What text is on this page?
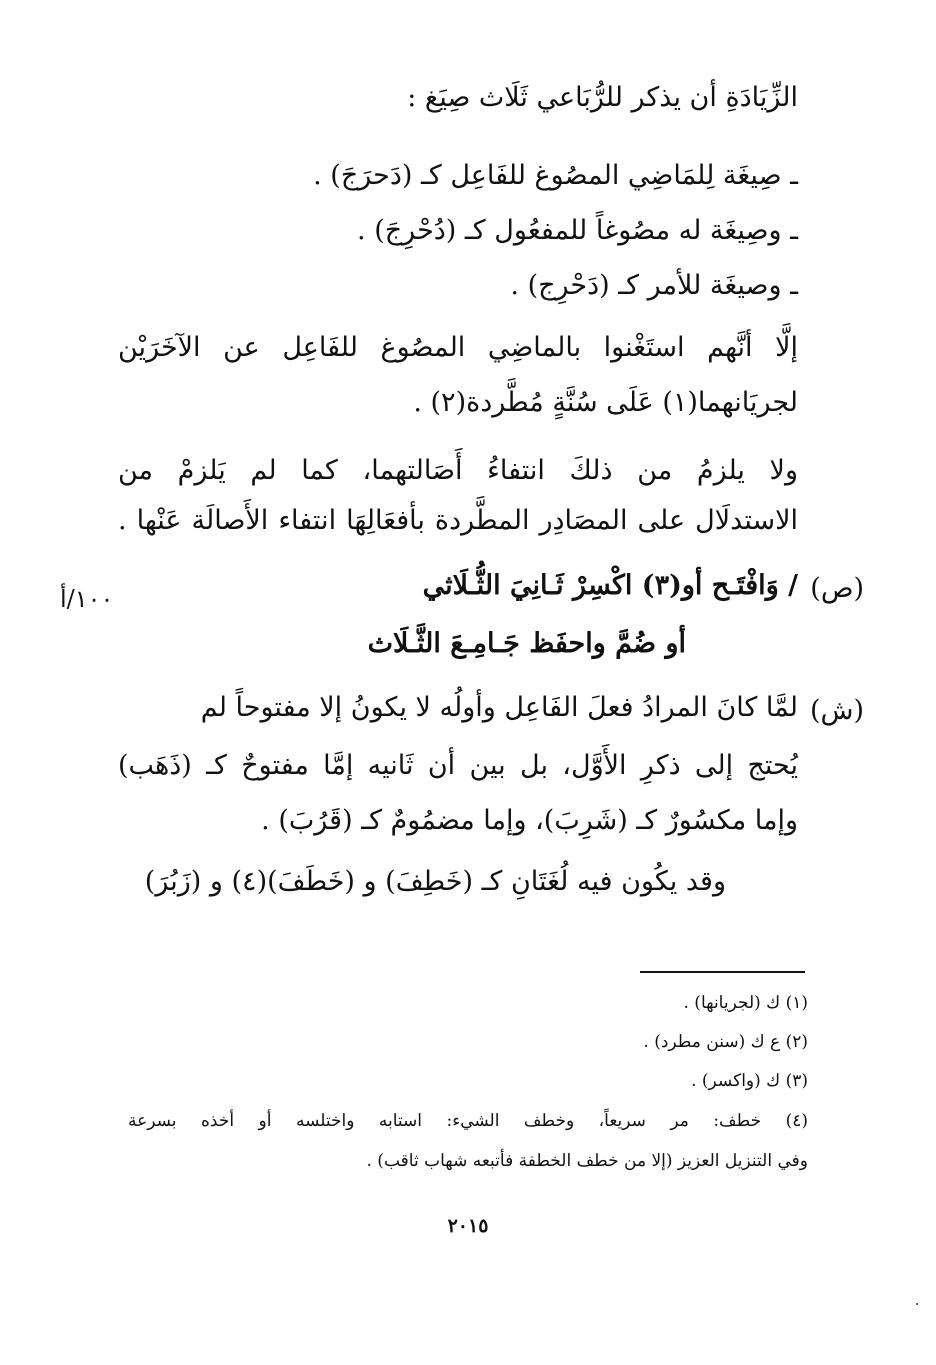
الزِّيَادَةِ أن يذكر للرُّبَاعي ثَلَاث صِيَغ :
ـ صِيغَة لِلمَاضِي المصُوغ للفَاعِل كـ (دَحرَجَ) .
ـ وصِيغَة له مصُوغاً للمفعُول كـ (دُحْرِجَ) .
ـ وصيغَة للأمر كـ (دَحْرِج) .
إلَّا أنَّهم استَغْنوا بالماضِي المصُوغ للفَاعِل عن الآخَرَيْن
لجريَانهما(١) عَلَى سُنَّةٍ مُطَّردة(٢) .
ولا يلزمُ من ذلكَ انتفاءُ أَصَالتهما، كما لم يَلزمْ من
الاستدلَال على المصَادِر المطَّردة بأفعَالِهَا انتفاء الأَصالَة عَنْها .
(ص)
/ وَافْتَـح أو(٣) اكْسِرْ ثَـانِيَ الثُّـلَاثي
أو ضُمَّ واحفَظ جَـامِـعَ الثَّـلَاث
١٠٠/أ
(ش)
لمَّا كانَ المرادُ فعلَ الفَاعِل وأولُه لا يكونُ إلا مفتوحاً لم
يُحتج إلى ذكرِ الأَوَّل، بل بين أن ثَانيه إمَّا مفتوحٌ كـ (ذَهَب)
وإما مكسُورٌ كـ (شَرِبَ)، وإما مضمُومٌ كـ (قَرُبَ) .
وقد يكُون فيه لُغَتَانِ كـ (خَطِفَ) و (خَطَفَ)(٤) و (زَبُرَ)
(١) ك (لجريانها) .
(٢) ع ك (سنن مطرد) .
(٣) ك (واكسر) .
(٤) خطف: مر سريعاً، وخطف الشيء: استابه واختلسه أو أخذه بسرعة
وفي التنزيل العزيز (إلا من خطف الخطفة فأتبعه شهاب ثاقب) .
٢٠١٥
